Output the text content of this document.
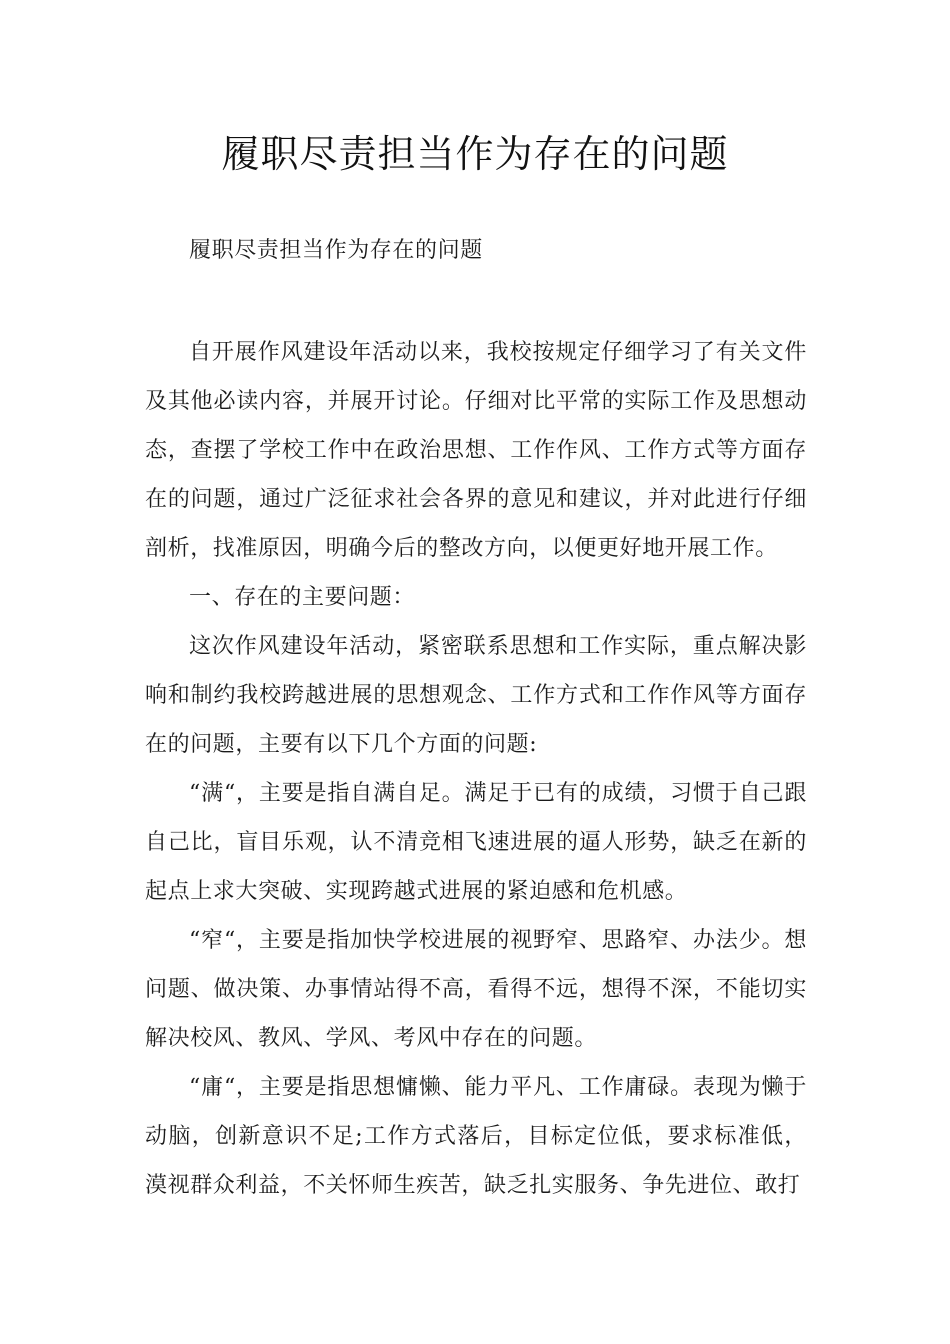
履职尽责担当作为存在的问题
履职尽责担当作为存在的问题

自开展作风建设年活动以来，我校按规定仔细学习了有关文件及其他必读内容，并展开讨论。仔细对比平常的实际工作及思想动态，查摆了学校工作中在政治思想、工作作风、工作方式等方面存在的问题，通过广泛征求社会各界的意见和建议，并对此进行仔细剖析，找准原因，明确今后的整改方向，以便更好地开展工作。

一、存在的主要问题：

这次作风建设年活动，紧密联系思想和工作实际，重点解决影响和制约我校跨越进展的思想观念、工作方式和工作作风等方面存在的问题，主要有以下几个方面的问题:

“满“，主要是指自满自足。满足于已有的成绩，习惯于自己跟自己比，盲目乐观，认不清竞相飞速进展的逼人形势，缺乏在新的起点上求大突破、实现跨越式进展的紧迫感和危机感。

“窄“，主要是指加快学校进展的视野窄、思路窄、办法少。想问题、做决策、办事情站得不高，看得不远，想得不深，不能切实解决校风、教风、学风、考风中存在的问题。

“庸“，主要是指思想慵懒、能力平凡、工作庸碌。表现为懒于动脑，创新意识不足;工作方式落后，目标定位低，要求标准低，漠视群众利益，不关怀师生疾苦，缺乏扎实服务、争先进位、敢打
